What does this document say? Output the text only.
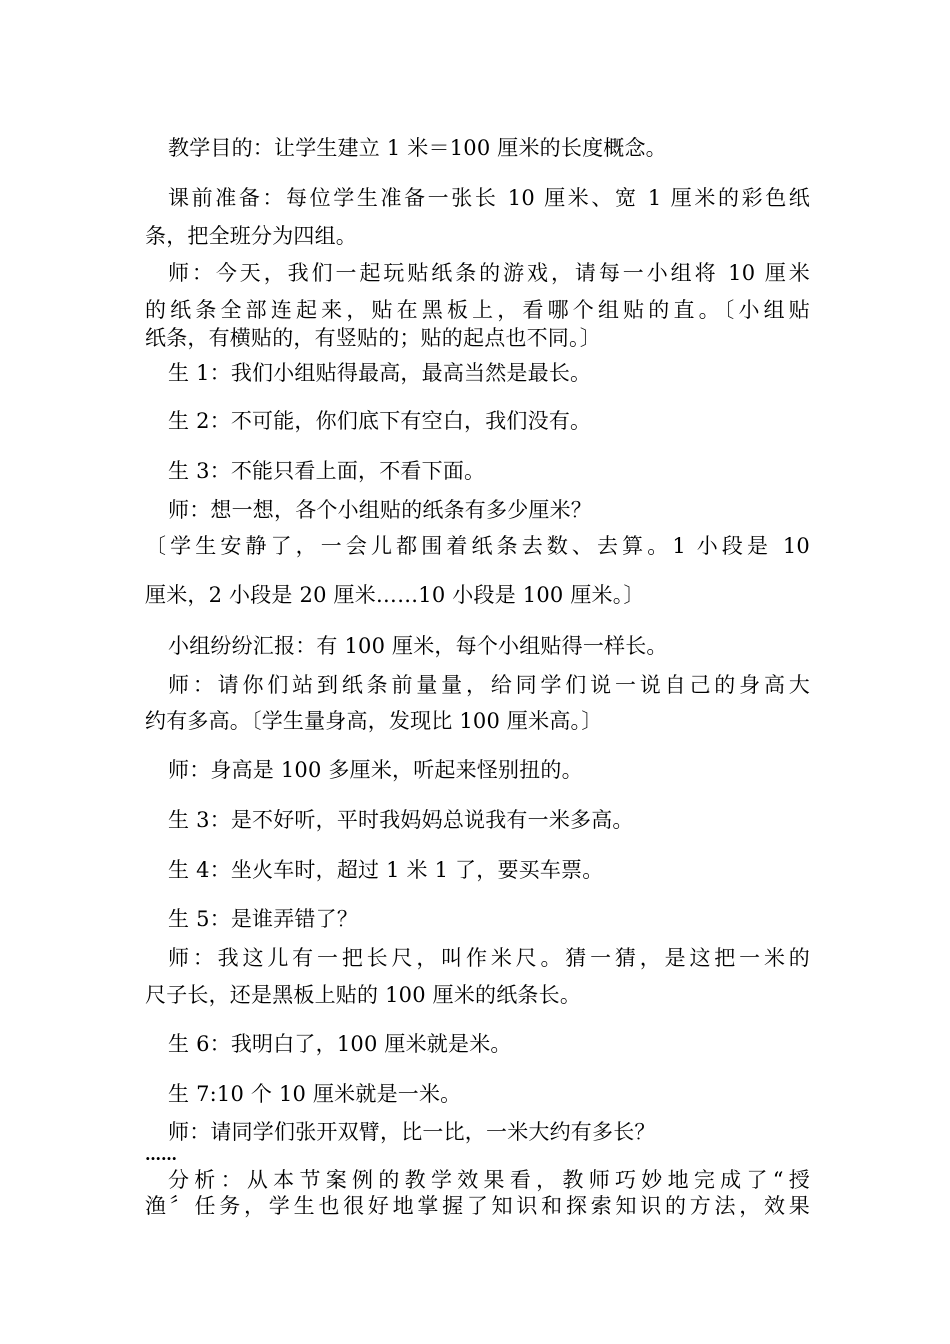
教学目的：让学生建立 1 米＝100 厘米的长度概念。
课前准备：每位学生准备一张长 10 厘米、宽 1 厘米的彩色纸
条，把全班分为四组。
师：今天，我们一起玩贴纸条的游戏，请每一小组将 10 厘米
的纸条全部连起来，贴在黑板上，看哪个组贴的直。〔小组贴
纸条，有横贴的，有竖贴的；贴的起点也不同。〕
生 1：我们小组贴得最高，最高当然是最长。
生 2：不可能，你们底下有空白，我们没有。
生 3：不能只看上面，不看下面。
师：想一想，各个小组贴的纸条有多少厘米？
〔学生安静了，一会儿都围着纸条去数、去算。1 小段是 10
厘米，2 小段是 20 厘米……10 小段是 100 厘米。〕
小组纷纷汇报：有 100 厘米，每个小组贴得一样长。
师：请你们站到纸条前量量，给同学们说一说自己的身高大
约有多高。〔学生量身高，发现比 100 厘米高。〕
师：身高是 100 多厘米，听起来怪别扭的。
生 3：是不好听，平时我妈妈总说我有一米多高。
生 4：坐火车时，超过 1 米 1 了，要买车票。
生 5：是谁弄错了？
师：我这儿有一把长尺，叫作米尺。猜一猜，是这把一米的
尺子长，还是黑板上贴的 100 厘米的纸条长。
生 6：我明白了，100 厘米就是米。
生 7:10 个 10 厘米就是一米。
师：请同学们张开双臂，比一比，一米大约有多长？
……
分析：从本节案例的教学效果看，教师巧妙地完成了“授
渔〞任务，学生也很好地掌握了知识和探索知识的方法，效果
